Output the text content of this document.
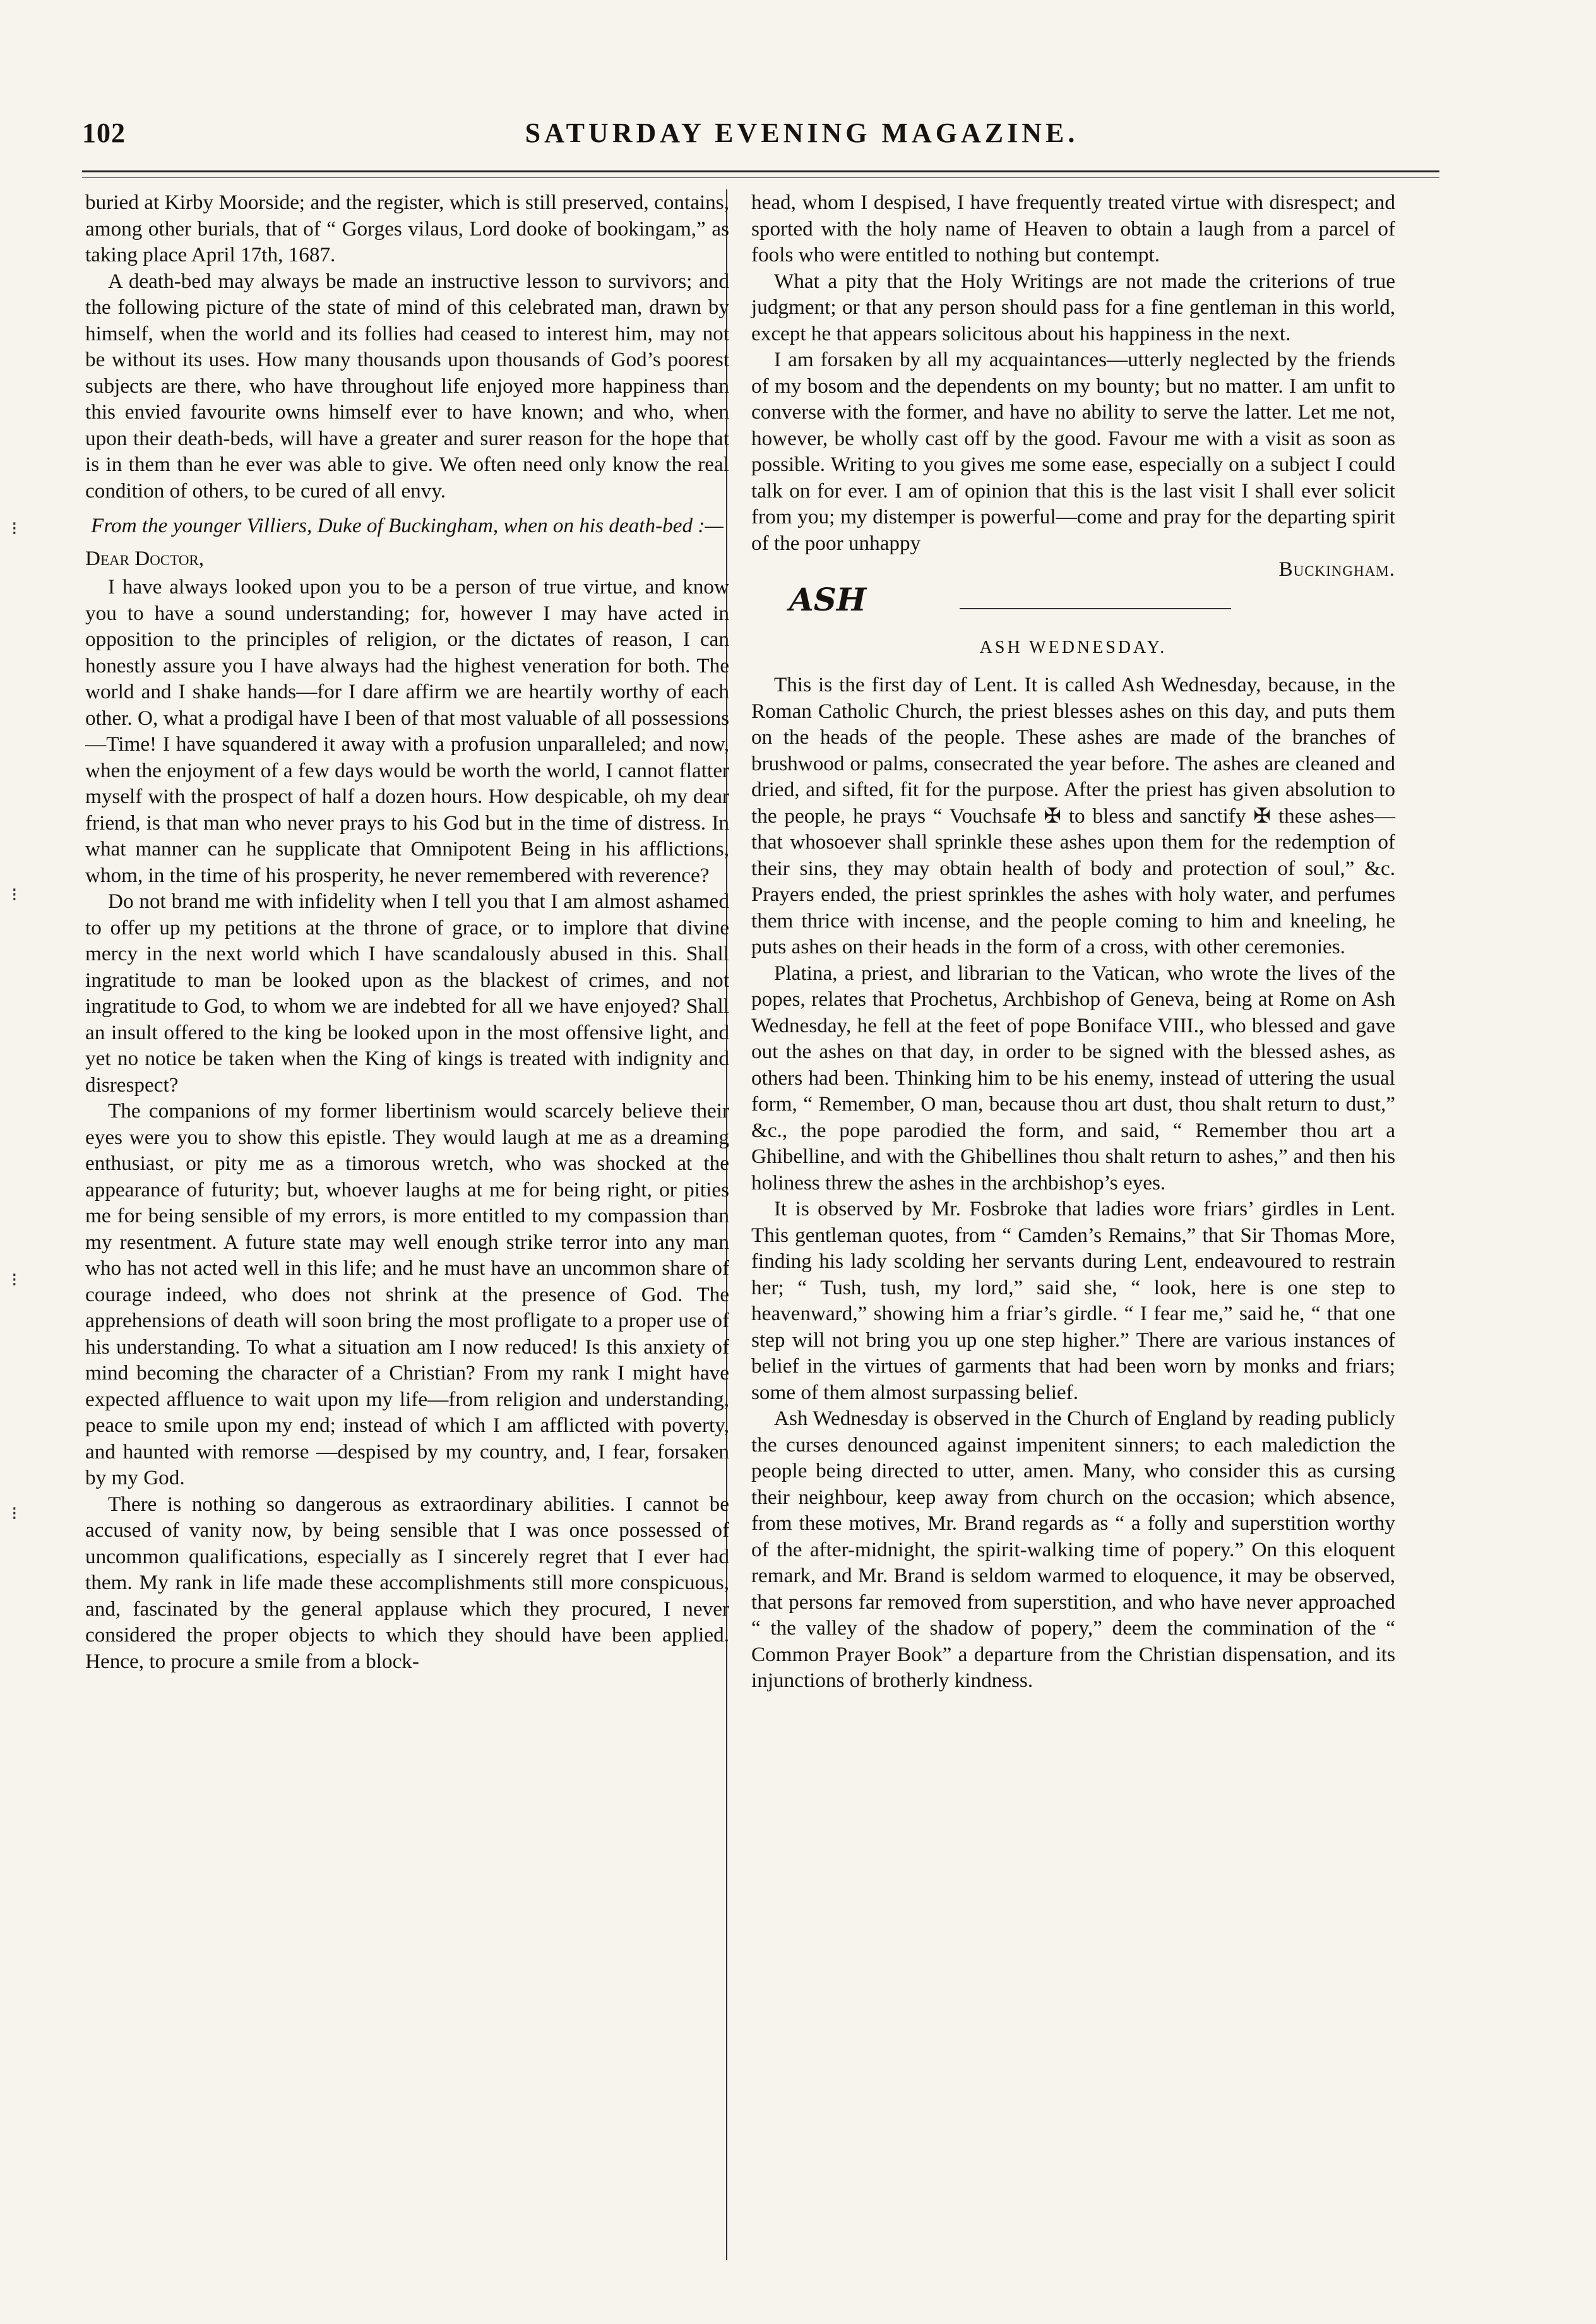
⁝
⁝
⁝
⁝
102	SATURDAY EVENING MAGAZINE.

buried at Kirby Moorside; and the register, which is still preserved, contains, among other burials, that of “ Gorges vilaus, Lord dooke of bookingam,” as taking place April 17th, 1687.

A death-bed may always be made an instructive lesson to survivors; and the following picture of the state of mind of this celebrated man, drawn by himself, when the world and its follies had ceased to interest him, may not be without its uses. How many thousands upon thousands of God’s poorest subjects are there, who have throughout life enjoyed more happiness than this envied favourite owns himself ever to have known; and who, when upon their death-beds, will have a greater and surer reason for the hope that is in them than he ever was able to give. We often need only know the real condition of others, to be cured of all envy.

From the younger Villiers, Duke of Buckingham, when on his death-bed :—

Dear Doctor,

I have always looked upon you to be a person of true virtue, and know you to have a sound understanding; for, however I may have acted in opposition to the principles of religion, or the dictates of reason, I can honestly assure you I have always had the highest veneration for both. The world and I shake hands—for I dare affirm we are heartily worthy of each other. O, what a prodigal have I been of that most valuable of all possessions—Time! I have squandered it away with a profusion unparalleled; and now, when the enjoyment of a few days would be worth the world, I cannot flatter myself with the prospect of half a dozen hours. How despicable, oh my dear friend, is that man who never prays to his God but in the time of distress. In what manner can he supplicate that Omnipotent Being in his afflictions, whom, in the time of his prosperity, he never remembered with reverence?

Do not brand me with infidelity when I tell you that I am almost ashamed to offer up my petitions at the throne of grace, or to implore that divine mercy in the next world which I have scandalously abused in this. Shall ingratitude to man be looked upon as the blackest of crimes, and not ingratitude to God, to whom we are indebted for all we have enjoyed? Shall an insult offered to the king be looked upon in the most offensive light, and yet no notice be taken when the King of kings is treated with indignity and disrespect?

The companions of my former libertinism would scarcely believe their eyes were you to show this epistle. They would laugh at me as a dreaming enthusiast, or pity me as a timorous wretch, who was shocked at the appearance of futurity; but, whoever laughs at me for being right, or pities me for being sensible of my errors, is more entitled to my compassion than my resentment. A future state may well enough strike terror into any man who has not acted well in this life; and he must have an uncommon share of courage indeed, who does not shrink at the presence of God. The apprehensions of death will soon bring the most profligate to a proper use of his understanding. To what a situation am I now reduced! Is this anxiety of mind becoming the character of a Christian? From my rank I might have expected affluence to wait upon my life—from religion and understanding, peace to smile upon my end; instead of which I am afflicted with poverty, and haunted with remorse —despised by my country, and, I fear, forsaken by my God.

There is nothing so dangerous as extraordinary abilities. I cannot be accused of vanity now, by being sensible that I was once possessed of uncommon qualifications, especially as I sincerely regret that I ever had them. My rank in life made these accomplishments still more conspicuous, and, fascinated by the general applause which they procured, I never considered the proper objects to which they should have been applied. Hence, to procure a smile from a block-

head, whom I despised, I have frequently treated virtue with disrespect; and sported with the holy name of Heaven to obtain a laugh from a parcel of fools who were entitled to nothing but contempt.

What a pity that the Holy Writings are not made the criterions of true judgment; or that any person should pass for a fine gentleman in this world, except he that appears solicitous about his happiness in the next.

I am forsaken by all my acquaintances—utterly neglected by the friends of my bosom and the dependents on my bounty; but no matter. I am unfit to converse with the former, and have no ability to serve the latter. Let me not, however, be wholly cast off by the good. Favour me with a visit as soon as possible. Writing to you gives me some ease, especially on a subject I could talk on for ever. I am of opinion that this is the last visit I shall ever solicit from you; my distemper is powerful—come and pray for the departing spirit of the poor unhappy

Buckingham.

ASH

ASH WEDNESDAY.

This is the first day of Lent. It is called Ash Wednesday, because, in the Roman Catholic Church, the priest blesses ashes on this day, and puts them on the heads of the people. These ashes are made of the branches of brushwood or palms, consecrated the year before. The ashes are cleaned and dried, and sifted, fit for the purpose. After the priest has given absolution to the people, he prays “ Vouchsafe ✠ to bless and sanctify ✠ these ashes—that whosoever shall sprinkle these ashes upon them for the redemption of their sins, they may obtain health of body and protection of soul,” &c. Prayers ended, the priest sprinkles the ashes with holy water, and perfumes them thrice with incense, and the people coming to him and kneeling, he puts ashes on their heads in the form of a cross, with other ceremonies.

Platina, a priest, and librarian to the Vatican, who wrote the lives of the popes, relates that Prochetus, Archbishop of Geneva, being at Rome on Ash Wednesday, he fell at the feet of pope Boniface VIII., who blessed and gave out the ashes on that day, in order to be signed with the blessed ashes, as others had been. Thinking him to be his enemy, instead of uttering the usual form, “ Remember, O man, because thou art dust, thou shalt return to dust,” &c., the pope parodied the form, and said, “ Remember thou art a Ghibelline, and with the Ghibellines thou shalt return to ashes,” and then his holiness threw the ashes in the archbishop’s eyes.

It is observed by Mr. Fosbroke that ladies wore friars’ girdles in Lent. This gentleman quotes, from “ Camden’s Remains,” that Sir Thomas More, finding his lady scolding her servants during Lent, endeavoured to restrain her; “ Tush, tush, my lord,” said she, “ look, here is one step to heavenward,” showing him a friar’s girdle. “ I fear me,” said he, “ that one step will not bring you up one step higher.” There are various instances of belief in the virtues of garments that had been worn by monks and friars; some of them almost surpassing belief.

Ash Wednesday is observed in the Church of England by reading publicly the curses denounced against impenitent sinners; to each malediction the people being directed to utter, amen. Many, who consider this as cursing their neighbour, keep away from church on the occasion; which absence, from these motives, Mr. Brand regards as “ a folly and superstition worthy of the after-midnight, the spirit-walking time of popery.” On this eloquent remark, and Mr. Brand is seldom warmed to eloquence, it may be observed, that persons far removed from superstition, and who have never approached “ the valley of the shadow of popery,” deem the commination of the “ Common Prayer Book” a departure from the Christian dispensation, and its injunctions of brotherly kindness.
